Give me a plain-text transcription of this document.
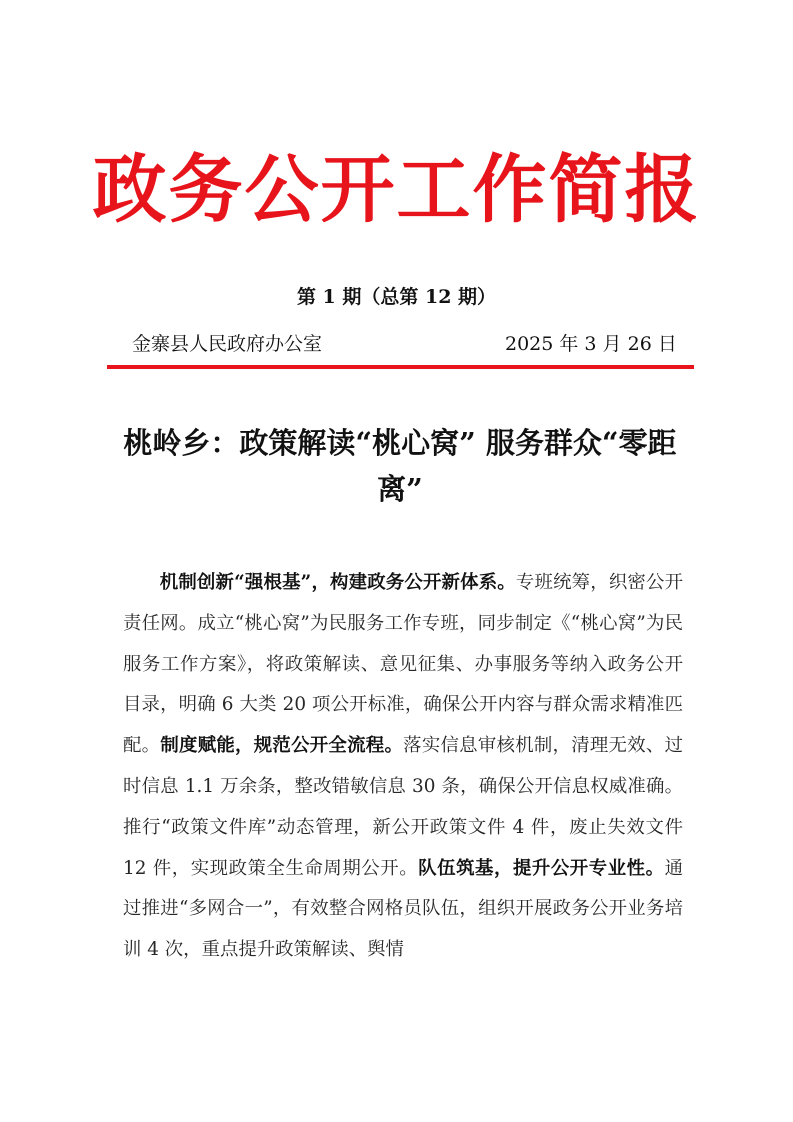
政务公开工作简报
第 1 期（总第 12 期）
金寨县人民政府办公室	2025 年 3 月 26 日
桃岭乡：政策解读“桃心窝” 服务群众“零距离”

机制创新“强根基”，构建政务公开新体系。专班统筹，织密公开责任网。成立“桃心窝”为民服务工作专班，同步制定《“桃心窝”为民服务工作方案》，将政策解读、意见征集、办事服务等纳入政务公开目录，明确 6 大类 20 项公开标准，确保公开内容与群众需求精准匹配。制度赋能，规范公开全流程。落实信息审核机制，清理无效、过时信息 1.1 万余条，整改错敏信息 30 条，确保公开信息权威准确。推行“政策文件库”动态管理，新公开政策文件 4 件，废止失效文件 12 件，实现政策全生命周期公开。队伍筑基，提升公开专业性。通过推进“多网合一”，有效整合网格员队伍，组织开展政务公开业务培训 4 次，重点提升政策解读、舆情
